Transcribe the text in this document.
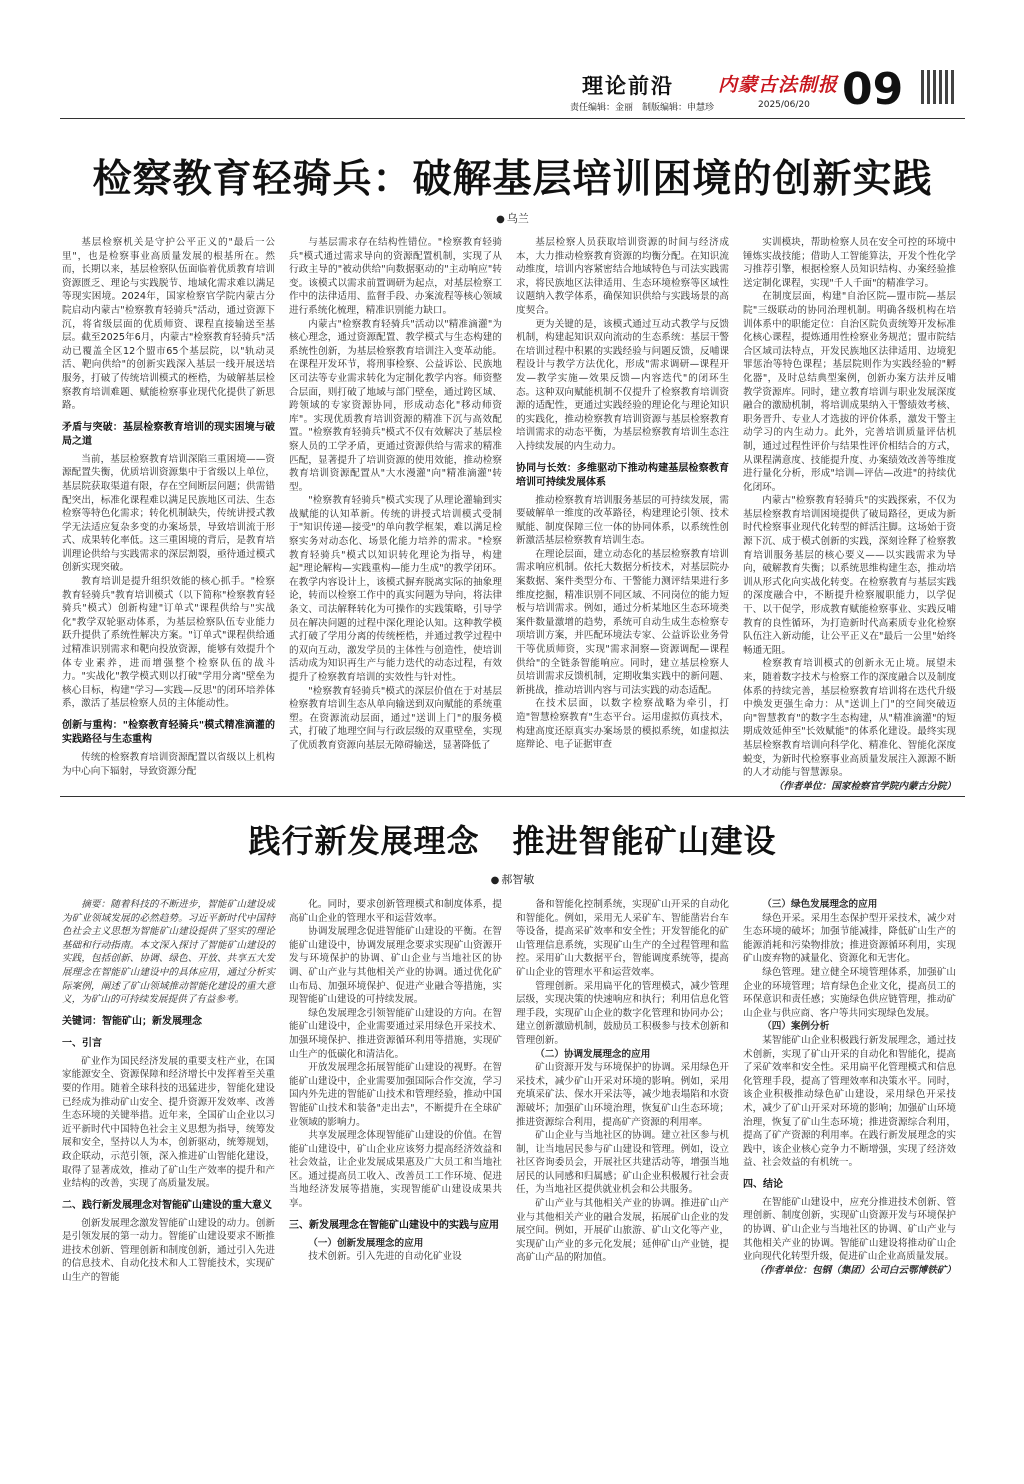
理论前沿 内蒙古法制报 09
责任编辑：金丽 制版编辑：申慧珍	2025/06/20
检察教育轻骑兵：破解基层培训困境的创新实践
● 乌兰

基层检察机关是守护公平正义的"最后一公里"，也是检察事业高质量发展的根基所在。然而，长期以来，基层检察队伍面临着优质教育培训资源匮乏、理论与实践脱节、地域化需求难以满足等现实困境。2024年，国家检察官学院内蒙古分院启动内蒙古"检察教育轻骑兵"活动，通过资源下沉，将省级层面的优质师资、课程直接输送至基层。截至2025年6月，内蒙古"检察教育轻骑兵"活动已覆盖全区12个盟市65个基层院，以"轨动灵活、靶向供给"的创新实践深入基层一线开展送培服务，打破了传统培训模式的桎梏，为破解基层检察教育培训难题、赋能检察事业现代化提供了新思路。

矛盾与突破：基层检察教育培训的现实困境与破局之道

当前，基层检察教育培训深陷三重困境——资源配置失衡，优质培训资源集中于省级以上单位，基层院获取渠道有限，存在空间断层问题；供需错配突出，标准化课程难以满足民族地区司法、生态检察等特色化需求；转化机制缺失，传统讲授式教学无法适应复杂多变的办案场景，导致培训流于形式、成果转化率低。这三重困境的背后，是教育培训理论供给与实践需求的深层割裂，亟待通过模式创新实现突破。

教育培训是提升组织效能的核心抓手。"检察教育轻骑兵"教育培训模式（以下简称"检察教育轻骑兵"模式）创新构建"订单式"课程供给与"实战化"教学双轮驱动体系，为基层检察队伍专业能力跃升提供了系统性解决方案。"订单式"课程供给通过精准识别需求和靶向投放资源，能够有效提升个体专业素养，进而增强整个检察队伍的战斗力。"实战化"教学模式则以打破"学用分离"壁垒为核心目标，构建"学习—实践—反思"的闭环培养体系，激活了基层检察人员的主体能动性。

创新与重构："检察教育轻骑兵"模式精准滴灌的实践路径与生态重构

传统的检察教育培训资源配置以省级以上机构为中心向下辐射，导致资源分配

与基层需求存在结构性错位。"检察教育轻骑兵"模式通过需求导向的资源配置机制，实现了从行政主导的"被动供给"向数据驱动的"主动响应"转变。该模式以需求前置调研为起点，对基层检察工作中的法律适用、监督手段、办案流程等核心领域进行系统化梳理，精准识别能力缺口。

内蒙古"检察教育轻骑兵"活动以"精准滴灌"为核心理念，通过资源配置、教学模式与生态构建的系统性创新，为基层检察教育培训注入变革动能。在课程开发环节，将刑事检察、公益诉讼、民族地区司法等专业需求转化为定制化教学内容。师资整合层面，则打破了地域与部门壁垒，通过跨区域、跨领域的专家资源协同，形成动态化"移动师资库"。实现优质教育培训资源的精准下沉与高效配置。"检察教育轻骑兵"模式不仅有效解决了基层检察人员的工学矛盾，更通过资源供给与需求的精准匹配，显著提升了培训资源的使用效能，推动检察教育培训资源配置从"大水漫灌"向"精准滴灌"转型。

"检察教育轻骑兵"模式实现了从理论灌输到实战赋能的认知革新。传统的讲授式培训模式受制于"知识传递—接受"的单向教学框架，难以满足检察实务对动态化、场景化能力培养的需求。"检察教育轻骑兵"模式以知识转化理论为指导，构建起"理论解构—实践重构—能力生成"的教学闭环。在教学内容设计上，该模式摒弃脱离实际的抽象理论，转而以检察工作中的真实问题为导向，将法律条文、司法解释转化为可操作的实践策略，引导学员在解决问题的过程中深化理论认知。这种教学模式打破了学用分离的传统桎梏，并通过教学过程中的双向互动，激发学员的主体性与创造性，使培训活动成为知识再生产与能力迭代的动态过程，有效提升了检察教育培训的实效性与针对性。

"检察教育轻骑兵"模式的深层价值在于对基层检察教育培训生态从单向输送到双向赋能的系统重塑。在资源流动层面，通过"送训上门"的服务模式，打破了地理空间与行政层级的双重壁垒，实现了优质教育资源向基层无障碍输送，显著降低了

基层检察人员获取培训资源的时间与经济成本，大力推动检察教育资源的均衡分配。在知识流动维度，培训内容紧密结合地域特色与司法实践需求，将民族地区法律适用、生态环境检察等区域性议题纳入教学体系，确保知识供给与实践场景的高度契合。

更为关键的是，该模式通过互动式教学与反馈机制，构建起知识双向流动的生态系统：基层干警在培训过程中积累的实践经验与问题反馈，反哺课程设计与教学方法优化，形成"需求调研—课程开发—教学实施—效果反馈—内容迭代"的闭环生态。这种双向赋能机制不仅提升了检察教育培训资源的适配性，更通过实践经验的理论化与理论知识的实践化，推动检察教育培训资源与基层检察教育培训需求的动态平衡，为基层检察教育培训生态注入持续发展的内生动力。

协同与长效：多维驱动下推动构建基层检察教育培训可持续发展体系

推动检察教育培训服务基层的可持续发展，需要破解单一维度的改革路径，构建理论引领、技术赋能、制度保障三位一体的协同体系，以系统性创新激活基层检察教育培训生态。

在理论层面，建立动态化的基层检察教育培训需求响应机制。依托大数据分析技术，对基层院办案数据、案件类型分布、干警能力测评结果进行多维度挖掘，精准识别不同区域、不同岗位的能力短板与培训需求。例如，通过分析某地区生态环境类案件数量激增的趋势，系统可自动生成生态检察专项培训方案，并匹配环境法专家、公益诉讼业务骨干等优质师资，实现"需求洞察—资源调配—课程供给"的全链条智能响应。同时，建立基层检察人员培训需求反馈机制，定期收集实践中的新问题、新挑战，推动培训内容与司法实践的动态适配。

在技术层面，以数字检察战略为牵引，打造"智慧检察教育"生态平台。运用虚拟仿真技术，构建高度还原真实办案场景的模拟系统，如虚拟法庭辩论、电子证据审查

实训模块，帮助检察人员在安全可控的环境中锤炼实战技能；借助人工智能算法，开发个性化学习推荐引擎，根据检察人员知识结构、办案经验推送定制化课程，实现"千人千面"的精准学习。

在制度层面，构建"自治区院—盟市院—基层院"三级联动的协同治理机制。明确各级机构在培训体系中的职能定位：自治区院负责统筹开发标准化核心课程，提炼通用性检察业务规范；盟市院结合区域司法特点，开发民族地区法律适用、边境犯罪惩治等特色课程；基层院则作为实践经验的"孵化器"，及时总结典型案例，创新办案方法并反哺教学资源库。同时，建立教育培训与职业发展深度融合的激励机制，将培训成果纳入干警绩效考核、职务晋升、专业人才选拔的评价体系，激发干警主动学习的内生动力。此外，完善培训质量评估机制，通过过程性评价与结果性评价相结合的方式，从课程满意度、技能提升度、办案绩效改善等维度进行量化分析，形成"培训—评估—改进"的持续优化闭环。

内蒙古"检察教育轻骑兵"的实践探索，不仅为基层检察教育培训困境提供了破局路径，更成为新时代检察事业现代化转型的鲜活注脚。这场始于资源下沉、成于模式创新的实践，深刻诠释了检察教育培训服务基层的核心要义——以实践需求为导向，破解教育失衡；以系统思维构建生态，推动培训从形式化向实战化转变。在检察教育与基层实践的深度融合中，不断提升检察履职能力，以学促干、以干促学，形成教育赋能检察事业、实践反哺教育的良性循环，为打造新时代高素质专业化检察队伍注入新动能，让公平正义在"最后一公里"始终畅通无阻。

检察教育培训模式的创新永无止境。展望未来，随着数字技术与检察工作的深度融合以及制度体系的持续完善，基层检察教育培训将在迭代升级中焕发更强生命力：从"送训上门"的空间突破迈向"智慧教育"的数字生态构建，从"精准滴灌"的短期成效延伸至"长效赋能"的体系化建设。最终实现基层检察教育培训向科学化、精准化、智能化深度蜕变，为新时代检察事业高质量发展注入源源不断的人才动能与智慧源泉。

（作者单位：国家检察官学院内蒙古分院）

践行新发展理念　推进智能矿山建设
● 郝智敏

摘要：随着科技的不断进步，智能矿山建设成为矿业领域发展的必然趋势。习近平新时代中国特色社会主义思想为智能矿山建设提供了坚实的理论基础和行动指南。本文深入探讨了智能矿山建设的实践，包括创新、协调、绿色、开放、共享五大发展理念在智能矿山建设中的具体应用，通过分析实际案例，阐述了矿山领域推动智能化建设的重大意义，为矿山的可持续发展提供了有益参考。

关键词：智能矿山；新发展理念
一、引言

矿业作为国民经济发展的重要支柱产业，在国家能源安全、资源保障和经济增长中发挥着至关重要的作用。随着全球科技的迅猛进步，智能化建设已经成为推动矿山安全、提升资源开发效率、改善生态环境的关键举措。近年来，全国矿山企业以习近平新时代中国特色社会主义思想为指导，统筹发展和安全，坚持以人为本，创新驱动，统筹规划，政企联动，示范引领，深入推进矿山智能化建设，取得了显著成效，推动了矿山生产效率的提升和产业结构的改善，实现了高质量发展。

二、践行新发展理念对智能矿山建设的重大意义

创新发展理念激发智能矿山建设的动力。创新是引领发展的第一动力。智能矿山建设要求不断推进技术创新、管理创新和制度创新，通过引入先进的信息技术、自动化技术和人工智能技术，实现矿山生产的智能

化。同时，要求创新管理模式和制度体系，提高矿山企业的管理水平和运营效率。

协调发展理念促进智能矿山建设的平衡。在智能矿山建设中，协调发展理念要求实现矿山资源开发与环境保护的协调、矿山企业与当地社区的协调、矿山产业与其他相关产业的协调。通过优化矿山布局、加强环境保护、促进产业融合等措施，实现智能矿山建设的可持续发展。

绿色发展理念引领智能矿山建设的方向。在智能矿山建设中，企业需要通过采用绿色开采技术、加强环境保护、推进资源循环利用等措施，实现矿山生产的低碳化和清洁化。

开放发展理念拓展智能矿山建设的视野。在智能矿山建设中，企业需要加强国际合作交流，学习国内外先进的智能矿山技术和管理经验，推动中国智能矿山技术和装备"走出去"，不断提升在全球矿业领域的影响力。

共享发展理念体现智能矿山建设的价值。在智能矿山建设中，矿山企业应该努力提高经济效益和社会效益，让企业发展成果惠及广大员工和当地社区。通过提高员工收入、改善员工工作环境、促进当地经济发展等措施，实现智能矿山建设成果共享。

三、新发展理念在智能矿山建设中的实践与应用

（一）创新发展理念的应用

技术创新。引入先进的自动化矿业设

备和智能化控制系统，实现矿山开采的自动化和智能化。例如，采用无人采矿车、智能凿岩台车等设备，提高采矿效率和安全性；开发智能化的矿山管理信息系统，实现矿山生产的全过程管理和监控。采用矿山大数据平台，智能调度系统等，提高矿山企业的管理水平和运营效率。

管理创新。采用扁平化的管理模式，减少管理层级，实现决策的快速响应和执行；利用信息化管理手段，实现矿山企业的数字化管理和协同办公；建立创新激励机制，鼓励员工积极参与技术创新和管理创新。

（二）协调发展理念的应用

矿山资源开发与环境保护的协调。采用绿色开采技术，减少矿山开采对环境的影响。例如，采用充填采矿法、保水开采法等，减少地表塌陷和水资源破坏；加强矿山环境治理，恢复矿山生态环境；推进资源综合利用，提高矿产资源的利用率。

矿山企业与当地社区的协调。建立社区参与机制，让当地居民参与矿山建设和管理。例如，设立社区咨询委员会，开展社区共建活动等，增强当地居民的认同感和归属感；矿山企业积极履行社会责任，为当地社区提供就业机会和公共服务。

矿山产业与其他相关产业的协调。推进矿山产业与其他相关产业的融合发展，拓展矿山企业的发展空间。例如，开展矿山旅游、矿山文化等产业，实现矿山产业的多元化发展；延伸矿山产业链，提高矿山产品的附加值。

（三）绿色发展理念的应用

绿色开采。采用生态保护型开采技术，减少对生态环境的破坏；加强节能减排，降低矿山生产的能源消耗和污染物排放；推进资源循环利用，实现矿山废弃物的减量化、资源化和无害化。

绿色管理。建立健全环境管理体系，加强矿山企业的环境管理；培育绿色企业文化，提高员工的环保意识和责任感；实施绿色供应链管理，推动矿山企业与供应商、客户等共同实现绿色发展。

（四）案例分析

某智能矿山企业积极践行新发展理念，通过技术创新，实现了矿山开采的自动化和智能化，提高了采矿效率和安全性。采用扁平化管理模式和信息化管理手段，提高了管理效率和决策水平。同时，该企业积极推动绿色矿山建设，采用绿色开采技术，减少了矿山开采对环境的影响；加强矿山环境治理，恢复了矿山生态环境；推进资源综合利用，提高了矿产资源的利用率。在践行新发展理念的实践中，该企业核心竞争力不断增强，实现了经济效益、社会效益的有机统一。

四、结论

在智能矿山建设中，应充分推进技术创新、管理创新、制度创新，实现矿山资源开发与环境保护的协调、矿山企业与当地社区的协调、矿山产业与其他相关产业的协调。智能矿山建设将推动矿山企业向现代化转型升级，促进矿山企业高质量发展。

（作者单位：包钢（集团）公司白云鄂博铁矿）
